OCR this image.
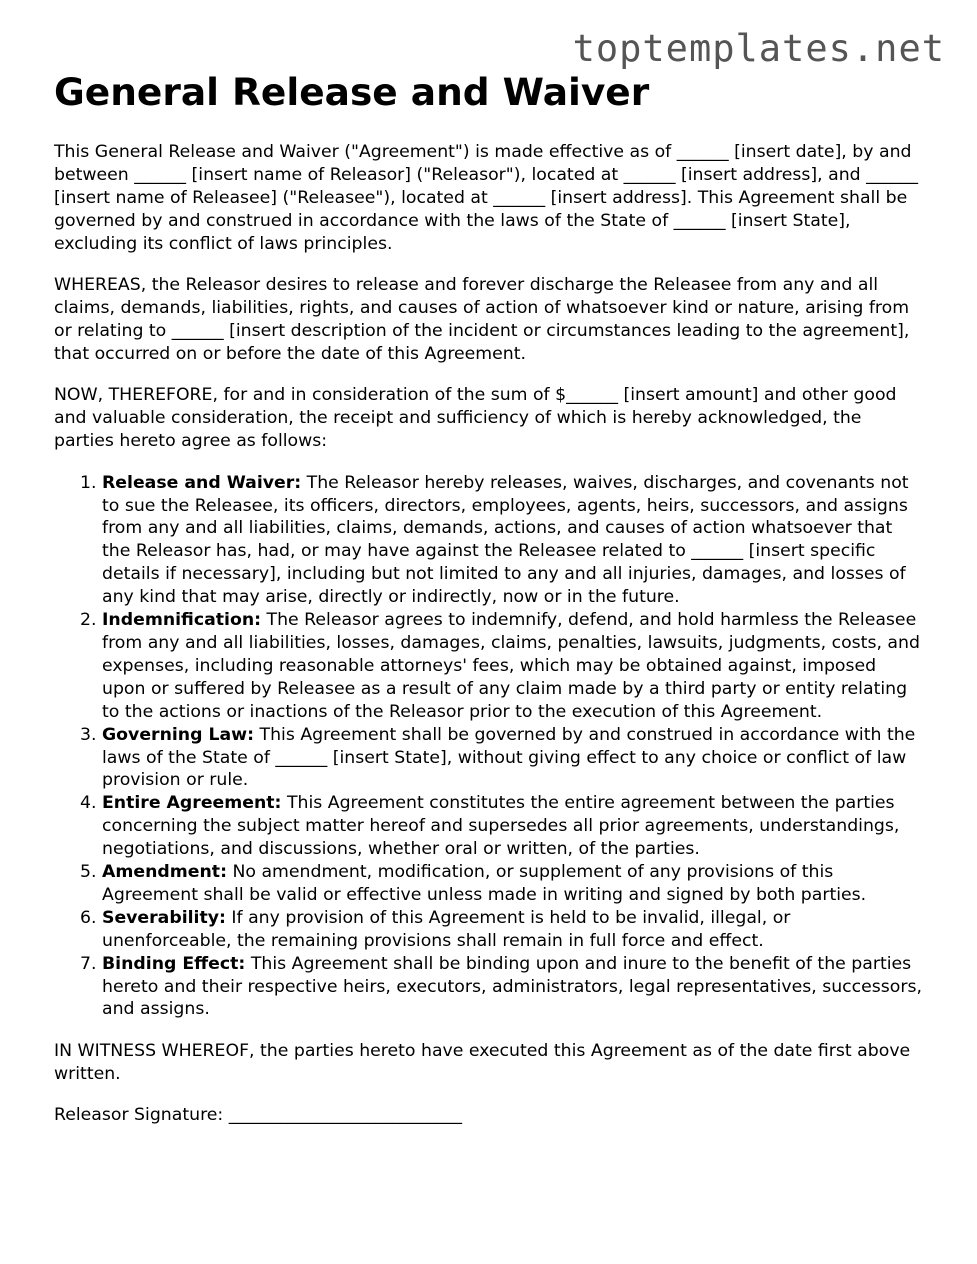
toptemplates.net
General Release and Waiver

This General Release and Waiver ("Agreement") is made effective as of ______ [insert date], by and between ______ [insert name of Releasor] ("Releasor"), located at ______ [insert address], and ______ [insert name of Releasee] ("Releasee"), located at ______ [insert address]. This Agreement shall be governed by and construed in accordance with the laws of the State of ______ [insert State], excluding its conflict of laws principles.

WHEREAS, the Releasor desires to release and forever discharge the Releasee from any and all claims, demands, liabilities, rights, and causes of action of whatsoever kind or nature, arising from or relating to ______ [insert description of the incident or circumstances leading to the agreement], that occurred on or before the date of this Agreement.

NOW, THEREFORE, for and in consideration of the sum of $______ [insert amount] and other good and valuable consideration, the receipt and sufficiency of which is hereby acknowledged, the parties hereto agree as follows:

1. Release and Waiver: The Releasor hereby releases, waives, discharges, and covenants not to sue the Releasee, its officers, directors, employees, agents, heirs, successors, and assigns from any and all liabilities, claims, demands, actions, and causes of action whatsoever that the Releasor has, had, or may have against the Releasee related to ______ [insert specific details if necessary], including but not limited to any and all injuries, damages, and losses of any kind that may arise, directly or indirectly, now or in the future.
2. Indemnification: The Releasor agrees to indemnify, defend, and hold harmless the Releasee from any and all liabilities, losses, damages, claims, penalties, lawsuits, judgments, costs, and expenses, including reasonable attorneys' fees, which may be obtained against, imposed upon or suffered by Releasee as a result of any claim made by a third party or entity relating to the actions or inactions of the Releasor prior to the execution of this Agreement.
3. Governing Law: This Agreement shall be governed by and construed in accordance with the laws of the State of ______ [insert State], without giving effect to any choice or conflict of law provision or rule.
4. Entire Agreement: This Agreement constitutes the entire agreement between the parties concerning the subject matter hereof and supersedes all prior agreements, understandings, negotiations, and discussions, whether oral or written, of the parties.
5. Amendment: No amendment, modification, or supplement of any provisions of this Agreement shall be valid or effective unless made in writing and signed by both parties.
6. Severability: If any provision of this Agreement is held to be invalid, illegal, or unenforceable, the remaining provisions shall remain in full force and effect.
7. Binding Effect: This Agreement shall be binding upon and inure to the benefit of the parties hereto and their respective heirs, executors, administrators, legal representatives, successors, and assigns.

IN WITNESS WHEREOF, the parties hereto have executed this Agreement as of the date first above written.

Releasor Signature: ___________________________
